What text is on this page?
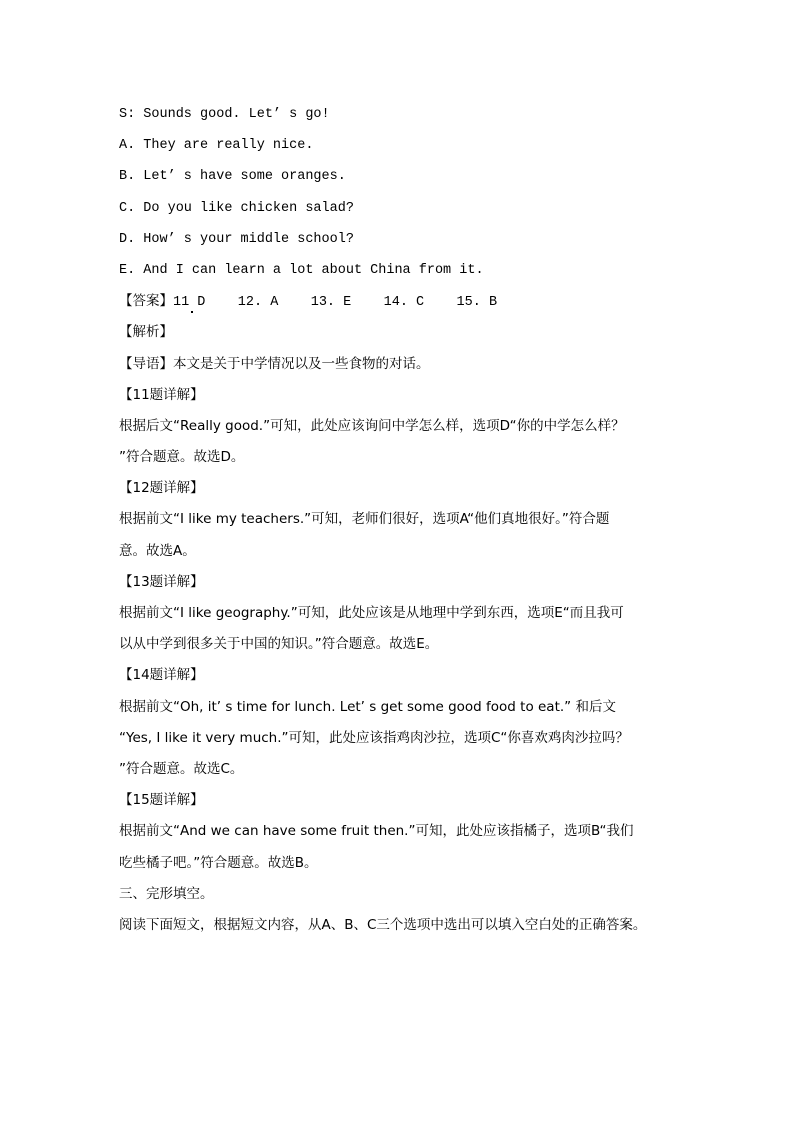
S: Sounds good. Let’ s go!
A. They are really nice.
B. Let’ s have some oranges.
C. Do you like chicken salad?
D. How’ s your middle school?
E. And I can learn a lot about China from it.
【答案】11 D    12. A    13. E    14. C    15. B
【解析】
【导语】本文是关于中学情况以及一些食物的对话。
【11题详解】
根据后文“Really good.”可知，此处应该询问中学怎么样，选项D“你的中学怎么样？
”符合题意。故选D。
【12题详解】
根据前文“I like my teachers.”可知，老师们很好，选项A“他们真地很好。”符合题
意。故选A。
【13题详解】
根据前文“I like geography.”可知，此处应该是从地理中学到东西，选项E“而且我可
以从中学到很多关于中国的知识。”符合题意。故选E。
【14题详解】
根据前文“Oh, it’ s time for lunch. Let’ s get some good food to eat.” 和后文
“Yes, I like it very much.”可知，此处应该指鸡肉沙拉，选项C“你喜欢鸡肉沙拉吗？
”符合题意。故选C。
【15题详解】
根据前文“And we can have some fruit then.”可知，此处应该指橘子，选项B“我们
吃些橘子吧。”符合题意。故选B。
三、完形填空。
阅读下面短文，根据短文内容，从A、B、C三个选项中选出可以填入空白处的正确答案。
